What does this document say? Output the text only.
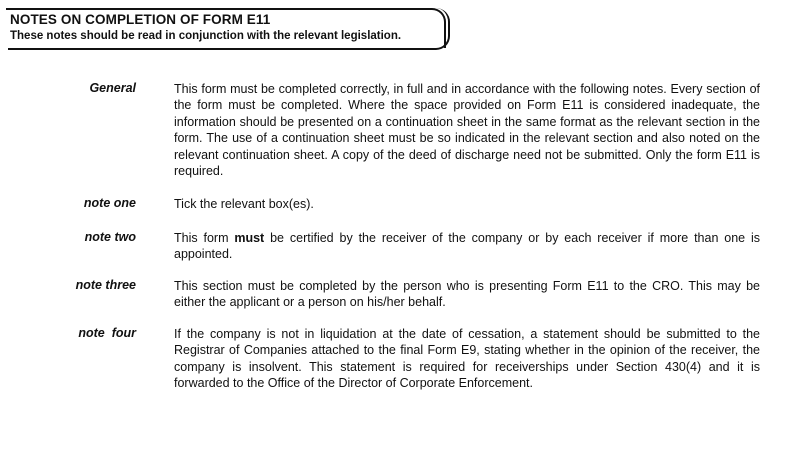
NOTES ON COMPLETION OF FORM E11
These notes should be read in conjunction with the relevant legislation.
General	This form must be completed correctly, in full and in accordance with the following notes. Every section of the form must be completed. Where the space provided on Form E11 is considered inadequate, the information should be presented on a continuation sheet in the same format as the relevant section in the form. The use of a continuation sheet must be so indicated in the relevant section and also noted on the relevant continuation sheet. A copy of the deed of discharge need not be submitted. Only the form E11 is required.
note one	Tick the relevant box(es).
note two	This form must be certified by the receiver of the company or by each receiver if more than one is appointed.
note three	This section must be completed by the person who is presenting Form E11 to the CRO. This may be either the applicant or a person on his/her behalf.
note  four	If the company is not in liquidation at the date of cessation, a statement should be submitted to the Registrar of Companies attached to the final Form E9, stating whether in the opinion of the receiver, the company is insolvent. This statement is required for receiverships under Section 430(4) and it is forwarded to the Office of the Director of Corporate Enforcement.
